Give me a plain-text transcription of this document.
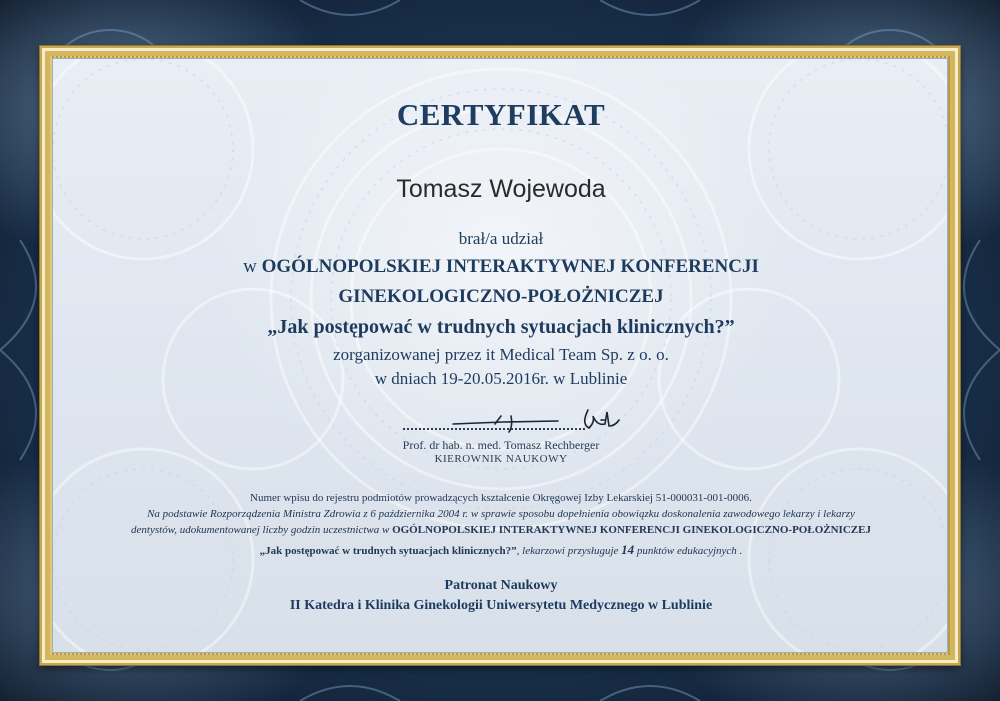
CERTYFIKAT
Tomasz Wojewoda
brał/a udział
w OGÓLNOPOLSKIEJ INTERAKTYWNEJ KONFERENCJI
GINEKOLOGICZNO-POŁOŻNICZEJ
„Jak postępować w trudnych sytuacjach klinicznych?”
zorganizowanej przez it Medical Team Sp. z o. o.
w dniach 19-20.05.2016r. w Lublinie
Prof. dr hab. n. med. Tomasz Rechberger
KIEROWNIK NAUKOWY
Numer wpisu do rejestru podmiotów prowadzących kształcenie Okręgowej Izby Lekarskiej 51-000031-001-0006.
Na podstawie Rozporządzenia Ministra Zdrowia z 6 października 2004 r. w sprawie sposobu dopełnienia obowiązku doskonalenia zawodowego lekarzy i lekarzy
dentystów, udokumentowanej liczby godzin uczestnictwa w OGÓLNOPOLSKIEJ INTERAKTYWNEJ KONFERENCJI GINEKOLOGICZNO-POŁOŻNICZEJ
„Jak postępować w trudnych sytuacjach klinicznych?”, lekarzowi przysługuje 14 punktów edukacyjnych .
Patronat Naukowy
II Katedra i Klinika Ginekologii Uniwersytetu Medycznego w Lublinie
